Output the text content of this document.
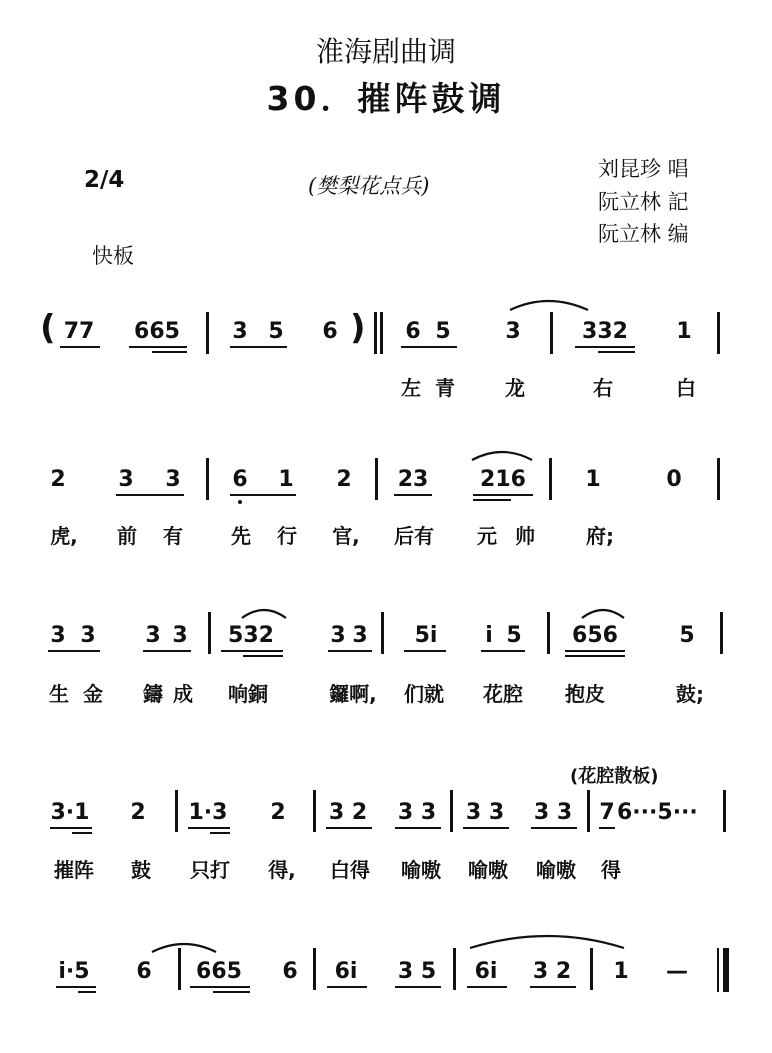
淮海剧曲调
30．摧阵鼓调
2/4	(樊梨花点兵)
刘昆珍 唱
阮立林 記
阮立林 编
快板
( 77	665	3 5 6 ) 6 5 3	332	1
左 青	龙	右	白
2 3 3 6 1 2	23	216	1	0
虎,	前 有 先 行	官,	后有	元 帅	府;
3 3 3 3	532	3 3	5i	i 5	656	5
生 金 鑄 成	响銅	鑼啊,	们就	花腔	抱皮	鼓;
(花腔散板)
3·1 2 1·3 2 3 2 3 3 3 3 3 3 7 6···5···
摧阵	鼓	只打	得,	白得	喻嗷	喻嗷	喻嗷	得
i·5 6	665	6	6i	3 5	6i	3 2 1	—
